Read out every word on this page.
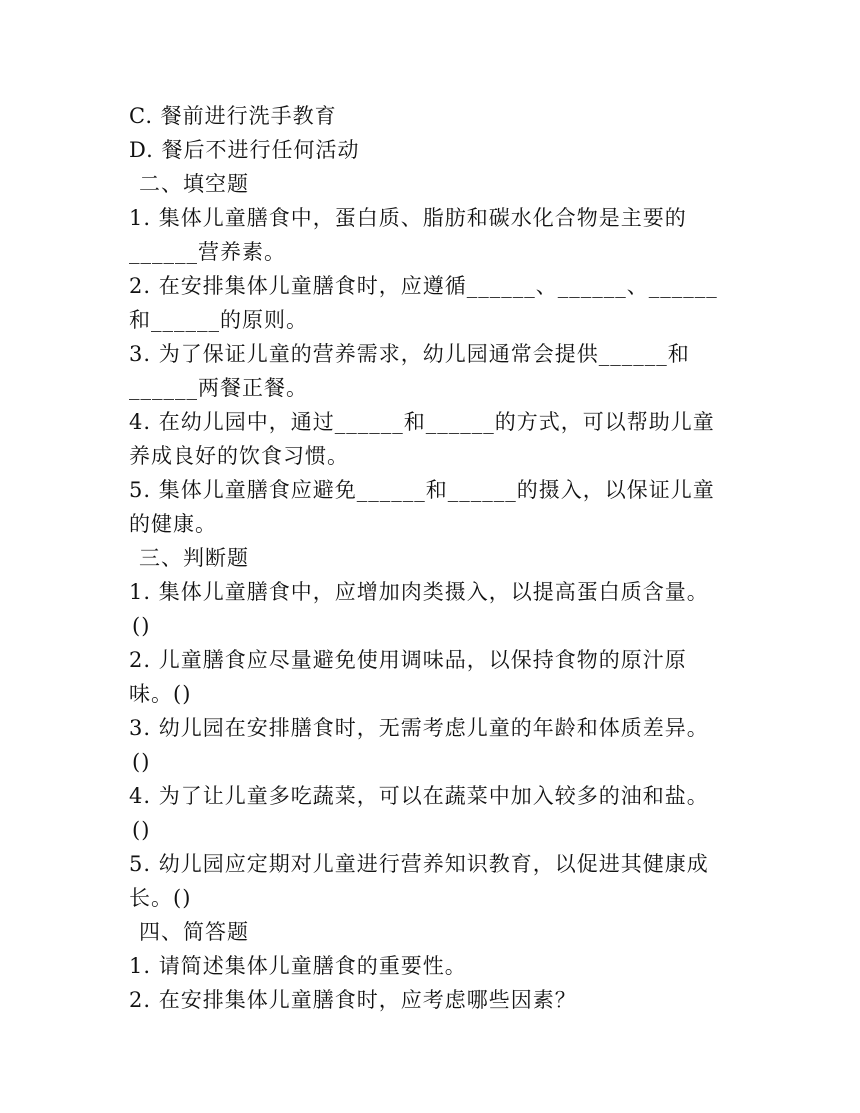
C. 餐前进行洗手教育
D. 餐后不进行任何活动
二、填空题
1. 集体儿童膳食中，蛋白质、脂肪和碳水化合物是主要的
______营养素。
2. 在安排集体儿童膳食时，应遵循______、______、______
和______的原则。
3. 为了保证儿童的营养需求，幼儿园通常会提供______和
______两餐正餐。
4. 在幼儿园中，通过______和______的方式，可以帮助儿童
养成良好的饮食习惯。
5. 集体儿童膳食应避免______和______的摄入，以保证儿童
的健康。
三、判断题
1. 集体儿童膳食中，应增加肉类摄入，以提高蛋白质含量。
()
2. 儿童膳食应尽量避免使用调味品，以保持食物的原汁原
味。()
3. 幼儿园在安排膳食时，无需考虑儿童的年龄和体质差异。
()
4. 为了让儿童多吃蔬菜，可以在蔬菜中加入较多的油和盐。
()
5. 幼儿园应定期对儿童进行营养知识教育，以促进其健康成
长。()
四、简答题
1. 请简述集体儿童膳食的重要性。
2. 在安排集体儿童膳食时，应考虑哪些因素？
